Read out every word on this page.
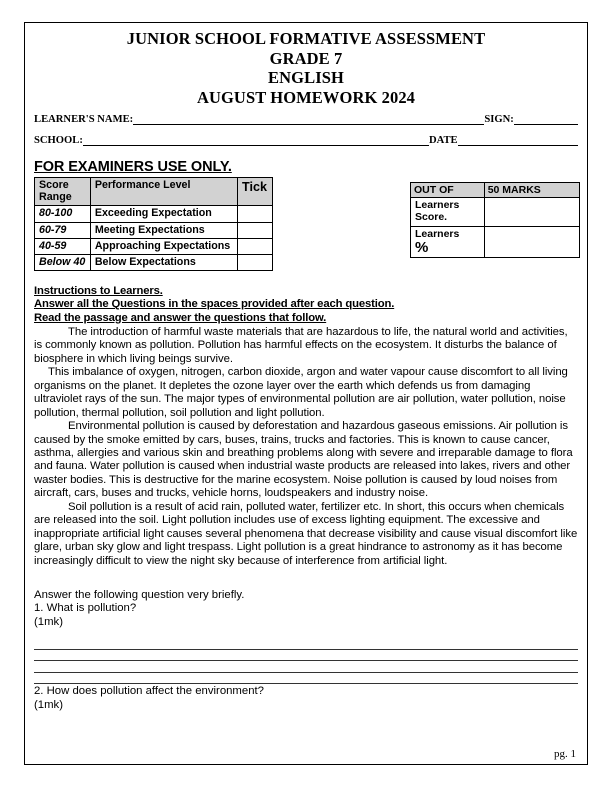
JUNIOR SCHOOL FORMATIVE ASSESSMENT
GRADE 7
ENGLISH
AUGUST HOMEWORK 2024
LEARNER'S NAME:	SIGN:
SCHOOL:	DATE
FOR EXAMINERS USE ONLY.
Score Range	Performance Level	Tick
80-100	Exceeding Expectation	
60-79	Meeting Expectations	
40-59	Approaching Expectations	
Below 40	Below Expectations	
OUT OF	50 MARKS
Learners Score.	
Learners
%	

Instructions to Learners.
Answer all the Questions in the spaces provided after each question.
Read the passage and answer the questions that follow.

The introduction of harmful waste materials that are hazardous to life, the natural world and activities, is commonly known as pollution. Pollution has harmful effects on the ecosystem. It disturbs the balance of biosphere in which living beings survive.

This imbalance of oxygen, nitrogen, carbon dioxide, argon and water vapour cause discomfort to all living organisms on the planet. It depletes the ozone layer over the earth which defends us from damaging ultraviolet rays of the sun. The major types of environmental pollution are air pollution, water pollution, noise pollution, thermal pollution, soil pollution and light pollution.

Environmental pollution is caused by deforestation and hazardous gaseous emissions. Air pollution is caused by the smoke emitted by cars, buses, trains, trucks and factories. This is known to cause cancer, asthma, allergies and various skin and breathing problems along with severe and irreparable damage to flora and fauna. Water pollution is caused when industrial waste products are released into lakes, rivers and other waster bodies. This is destructive for the marine ecosystem. Noise pollution is caused by loud noises from aircraft, cars, buses and trucks, vehicle horns, loudspeakers and industry noise.

Soil pollution is a result of acid rain, polluted water, fertilizer etc. In short, this occurs when chemicals are released into the soil. Light pollution includes use of excess lighting equipment. The excessive and inappropriate artificial light causes several phenomena that decrease visibility and cause visual discomfort like glare, urban sky glow and light trespass. Light pollution is a great hindrance to astronomy as it has become increasingly difficult to view the night sky because of interference from artificial light.

Answer the following question very briefly.
1. What is pollution?
(1mk)
2. How does pollution affect the environment?
(1mk)
pg. 1
